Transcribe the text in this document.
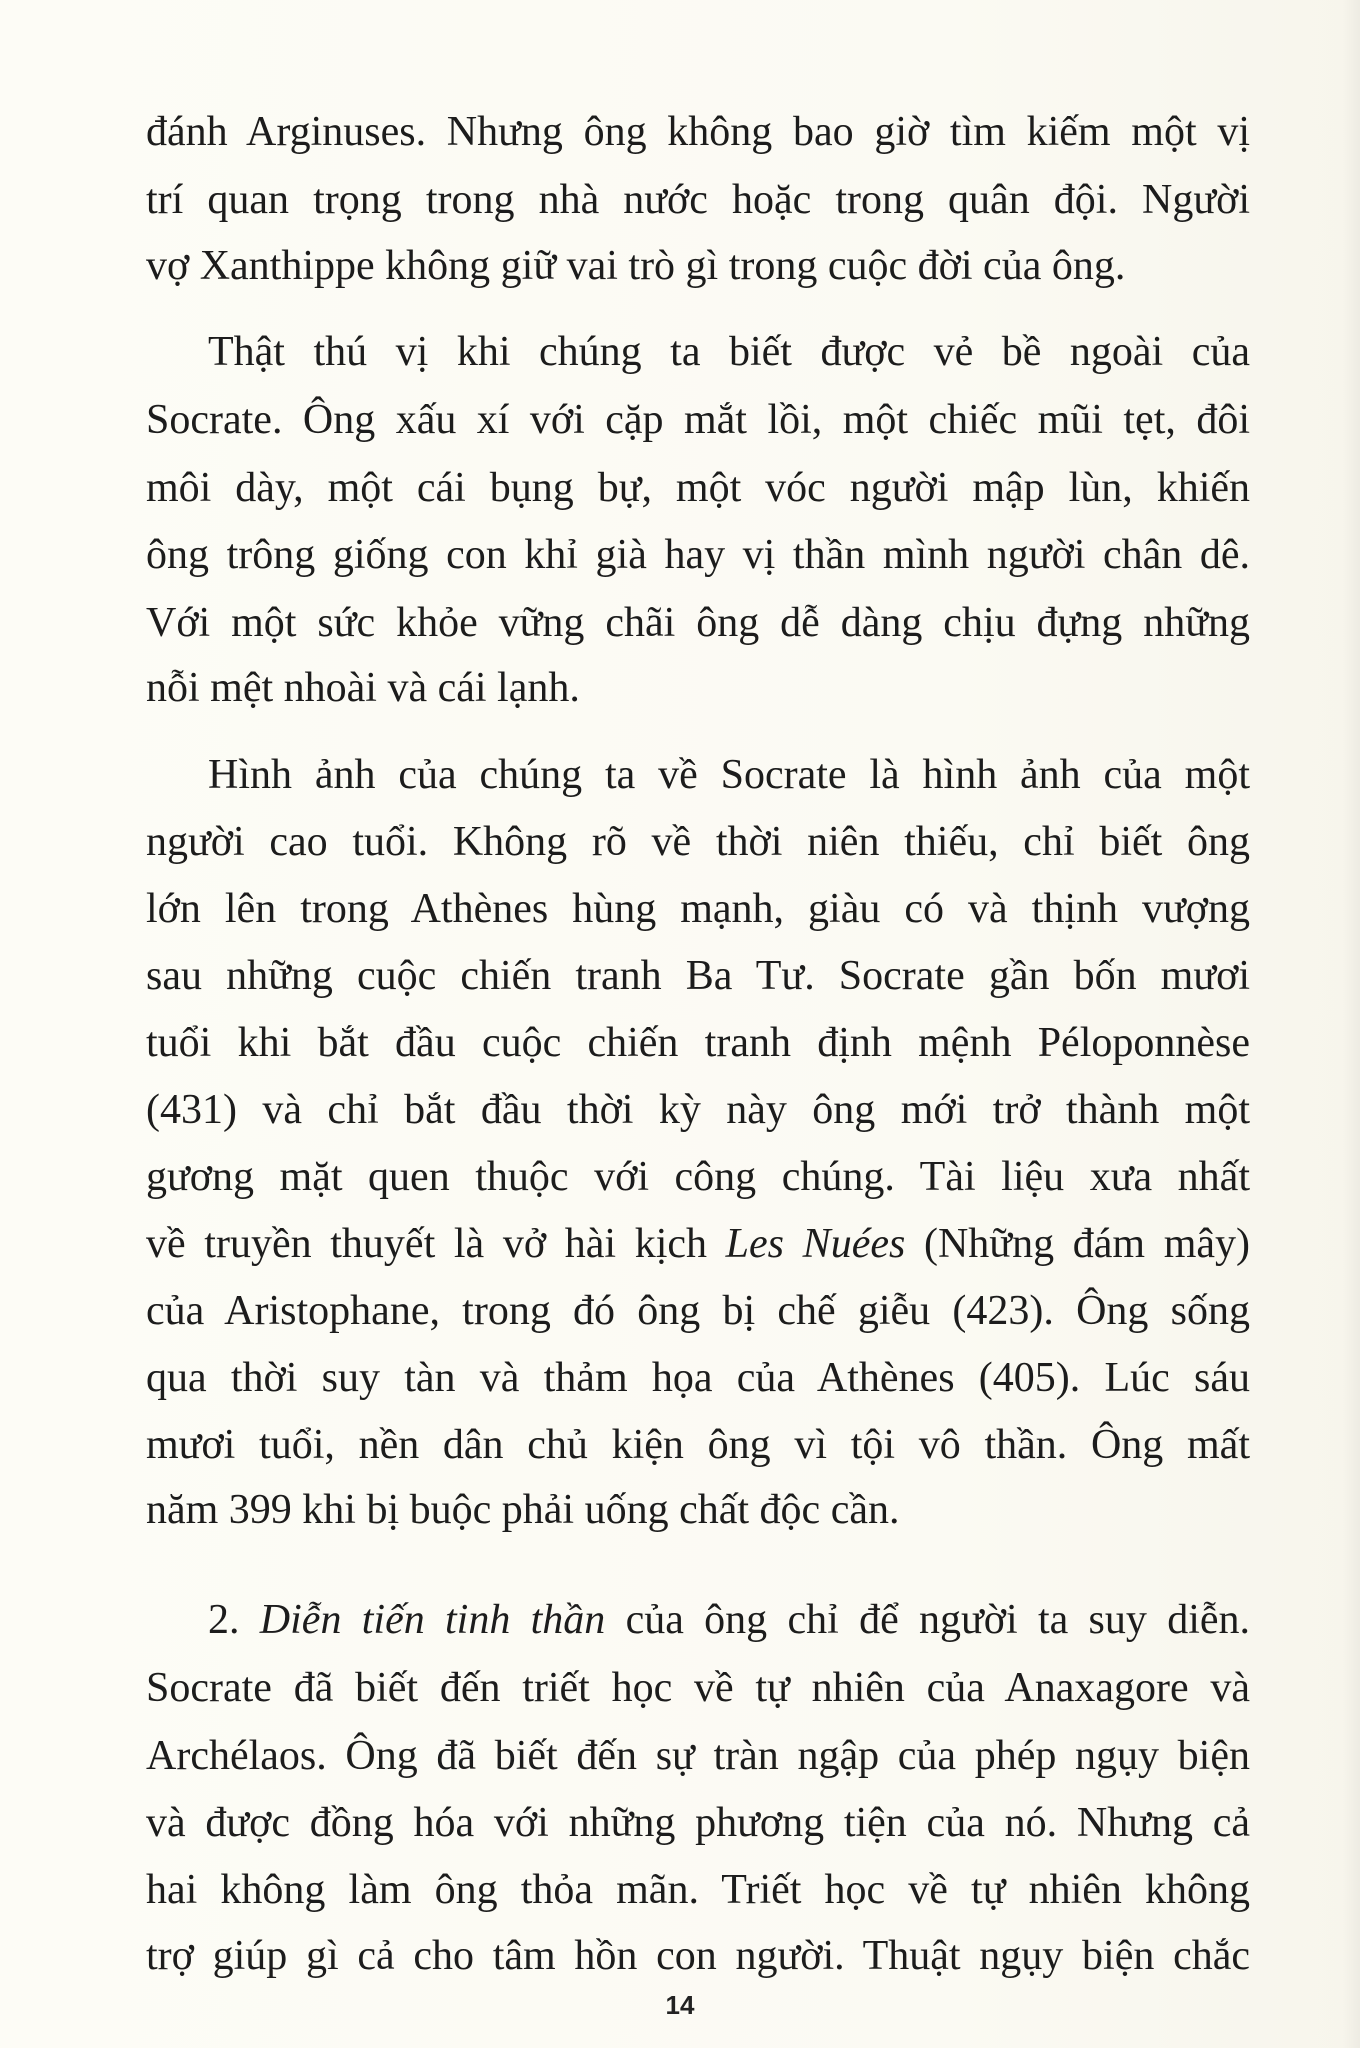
đánh Arginuses. Nhưng ông không bao giờ tìm kiếm một vị
trí quan trọng trong nhà nước hoặc trong quân đội. Người
vợ Xanthippe không giữ vai trò gì trong cuộc đời của ông.
Thật thú vị khi chúng ta biết được vẻ bề ngoài của
Socrate. Ông xấu xí với cặp mắt lồi, một chiếc mũi tẹt, đôi
môi dày, một cái bụng bự, một vóc người mập lùn, khiến
ông trông giống con khỉ già hay vị thần mình người chân dê.
Với một sức khỏe vững chãi ông dễ dàng chịu đựng những
nỗi mệt nhoài và cái lạnh.
Hình ảnh của chúng ta về Socrate là hình ảnh của một
người cao tuổi. Không rõ về thời niên thiếu, chỉ biết ông
lớn lên trong Athènes hùng mạnh, giàu có và thịnh vượng
sau những cuộc chiến tranh Ba Tư. Socrate gần bốn mươi
tuổi khi bắt đầu cuộc chiến tranh định mệnh Péloponnèse
(431) và chỉ bắt đầu thời kỳ này ông mới trở thành một
gương mặt quen thuộc với công chúng. Tài liệu xưa nhất
về truyền thuyết là vở hài kịch Les Nuées (Những đám mây)
của Aristophane, trong đó ông bị chế giễu (423). Ông sống
qua thời suy tàn và thảm họa của Athènes (405). Lúc sáu
mươi tuổi, nền dân chủ kiện ông vì tội vô thần. Ông mất
năm 399 khi bị buộc phải uống chất độc cần.
2. Diễn tiến tinh thần của ông chỉ để người ta suy diễn.
Socrate đã biết đến triết học về tự nhiên của Anaxagore và
Archélaos. Ông đã biết đến sự tràn ngập của phép ngụy biện
và được đồng hóa với những phương tiện của nó. Nhưng cả
hai không làm ông thỏa mãn. Triết học về tự nhiên không
trợ giúp gì cả cho tâm hồn con người. Thuật ngụy biện chắc
14
